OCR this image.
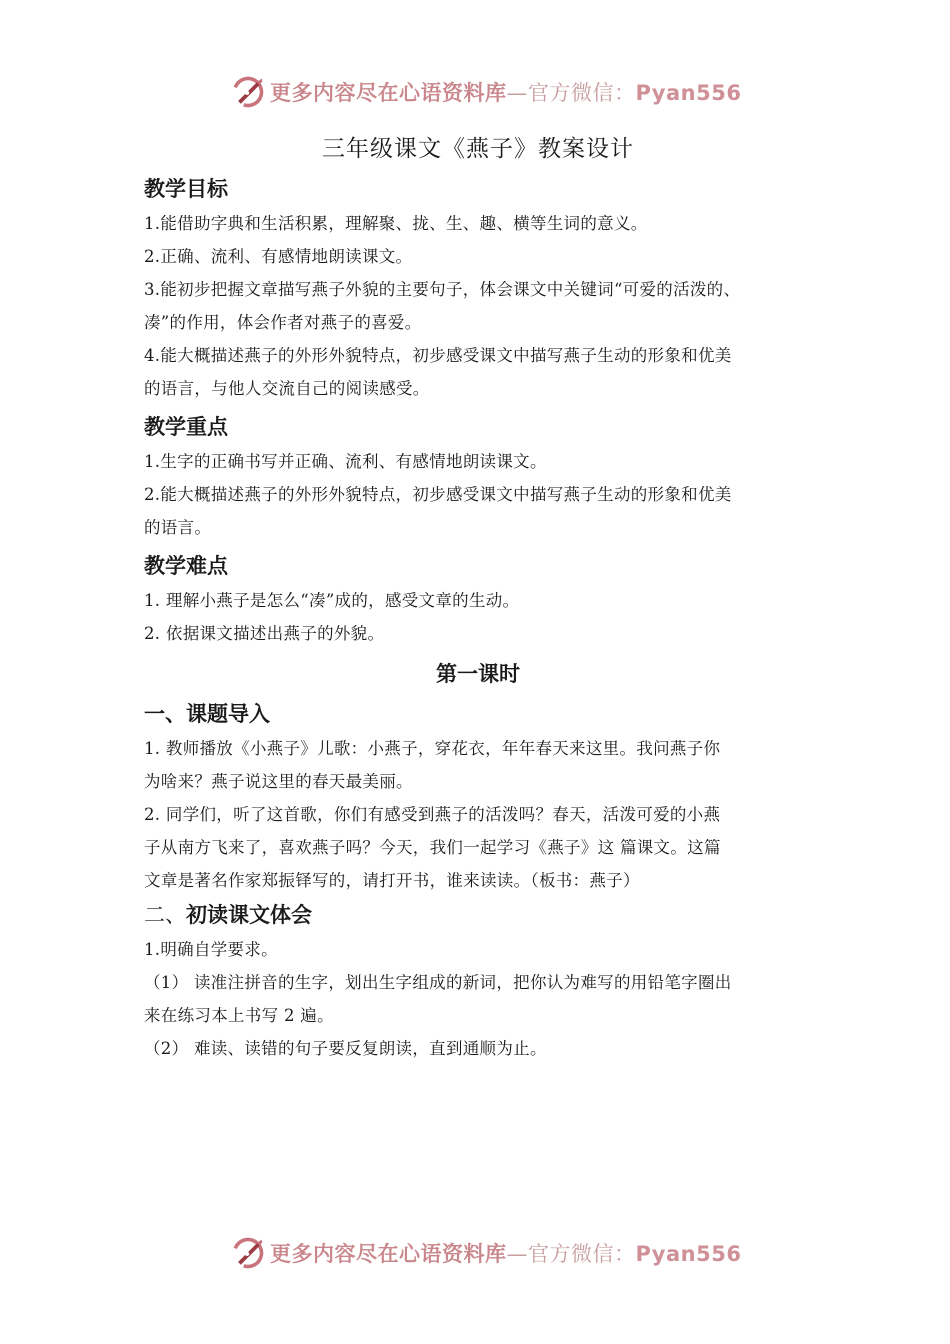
更多内容尽在心语资料库—官方微信：Pyan556
三年级课文《燕子》教案设计
教学目标

1.能借助字典和生活积累，理解聚、拢、生、趣、横等生词的意义。

2.正确、流利、有感情地朗读课文。

3.能初步把握文章描写燕子外貌的主要句子，体会课文中关键词“可爱的活泼的、

凑”的作用，体会作者对燕子的喜爱。

4.能大概描述燕子的外形外貌特点，初步感受课文中描写燕子生动的形象和优美

的语言，与他人交流自己的阅读感受。

教学重点

1.生字的正确书写并正确、流利、有感情地朗读课文。

2.能大概描述燕子的外形外貌特点，初步感受课文中描写燕子生动的形象和优美

的语言。

教学难点

1. 理解小燕子是怎么“凑”成的，感受文章的生动。

2. 依据课文描述出燕子的外貌。

第一课时
一、课题导入

1. 教师播放《小燕子》儿歌：小燕子，穿花衣，年年春天来这里。我问燕子你

为啥来？燕子说这里的春天最美丽。

2. 同学们，听了这首歌，你们有感受到燕子的活泼吗？春天，活泼可爱的小燕

子从南方飞来了，喜欢燕子吗？今天，我们一起学习《燕子》这 篇课文。这篇

文章是著名作家郑振铎写的，请打开书，谁来读读。（板书：燕子）

二、初读课文体会

1.明确自学要求。

（1） 读准注拼音的生字，划出生字组成的新词，把你认为难写的用铅笔字圈出

来在练习本上书写 2 遍。

（2） 难读、读错的句子要反复朗读，直到通顺为止。

更多内容尽在心语资料库—官方微信：Pyan556
